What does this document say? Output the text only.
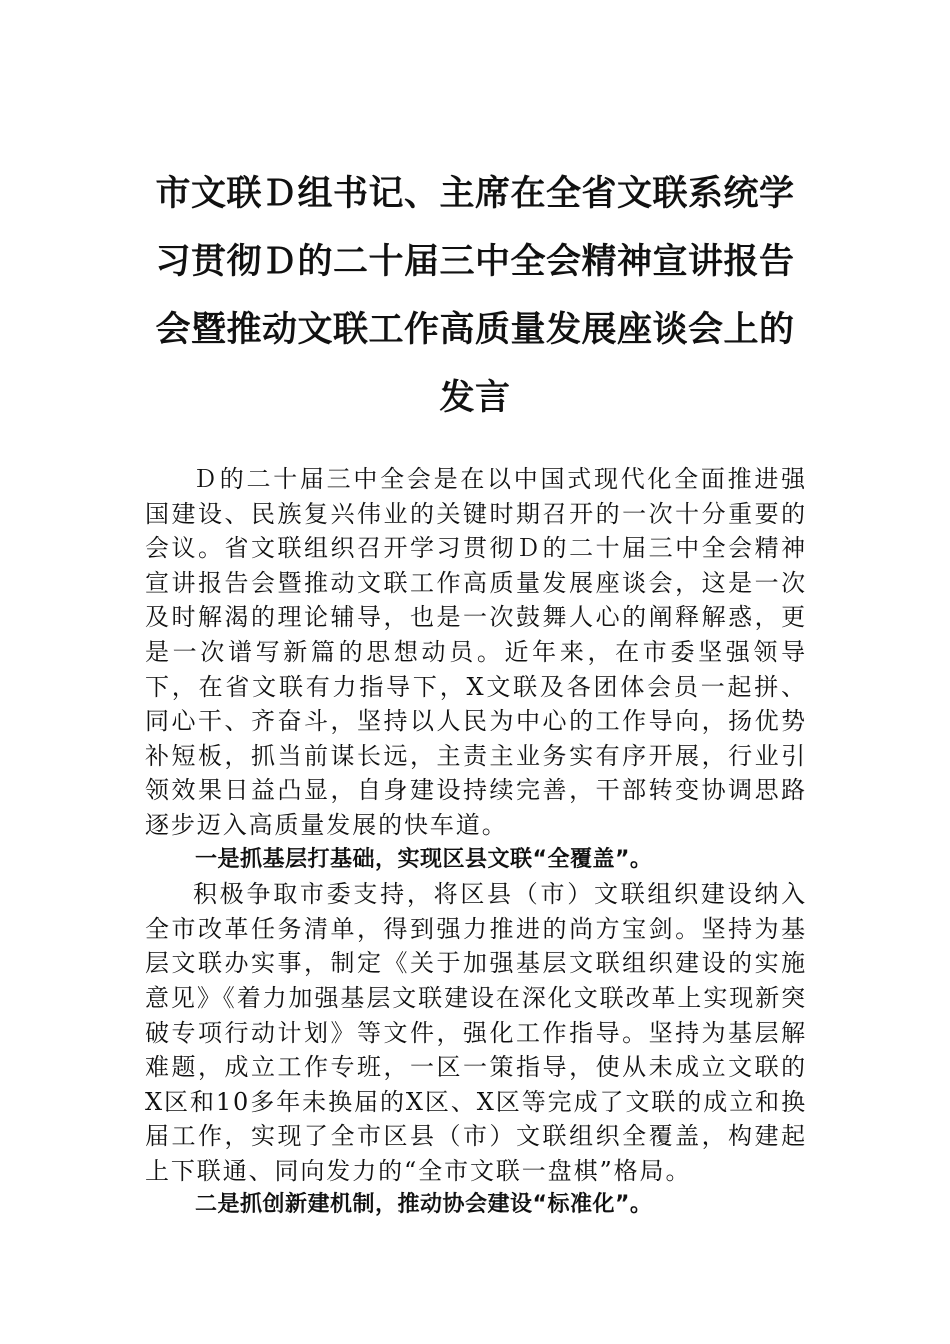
市文联Ｄ组书记、主席在全省文联系统学
习贯彻Ｄ的二十届三中全会精神宣讲报告
会暨推动文联工作高质量发展座谈会上的
发言

Ｄ的二十届三中全会是在以中国式现代化全面推进强国建设、民族复兴伟业的关键时期召开的一次十分重要的会议。省文联组织召开学习贯彻Ｄ的二十届三中全会精神宣讲报告会暨推动文联工作高质量发展座谈会，这是一次及时解渴的理论辅导，也是一次鼓舞人心的阐释解惑，更是一次谱写新篇的思想动员。近年来，在市委坚强领导下，在省文联有力指导下，X文联及各团体会员一起拼、同心干、齐奋斗，坚持以人民为中心的工作导向，扬优势补短板，抓当前谋长远，主责主业务实有序开展，行业引领效果日益凸显，自身建设持续完善，干部转变协调思路逐步迈入高质量发展的快车道。

一是抓基层打基础，实现区县文联“全覆盖”。

积极争取市委支持，将区县（市）文联组织建设纳入全市改革任务清单，得到强力推进的尚方宝剑。坚持为基层文联办实事，制定《关于加强基层文联组织建设的实施意见》《着力加强基层文联建设在深化文联改革上实现新突破专项行动计划》等文件，强化工作指导。坚持为基层解难题，成立工作专班，一区一策指导，使从未成立文联的X区和10多年未换届的X区、X区等完成了文联的成立和换届工作，实现了全市区县（市）文联组织全覆盖，构建起上下联通、同向发力的“全市文联一盘棋”格局。

二是抓创新建机制，推动协会建设“标准化”。
